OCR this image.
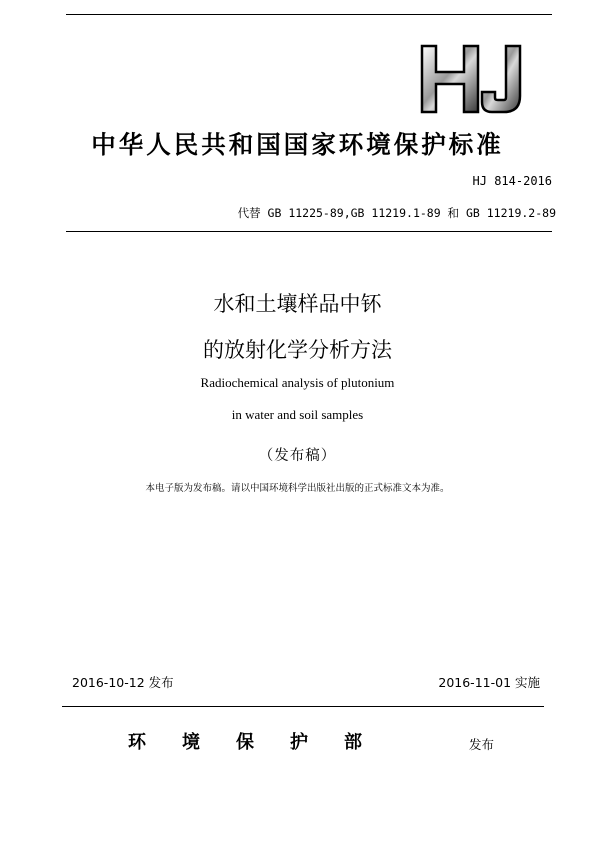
HJ
中华人民共和国国家环境保护标准
HJ 814-2016
代替 GB 11225-89,GB 11219.1-89 和 GB 11219.2-89
水和土壤样品中钚
的放射化学分析方法
Radiochemical analysis of plutonium
in water and soil samples
（发布稿）
本电子版为发布稿。请以中国环境科学出版社出版的正式标准文本为准。
2016-10-12 发布	2016-11-01 实施
环　　境　　保　　护　　部	发布
